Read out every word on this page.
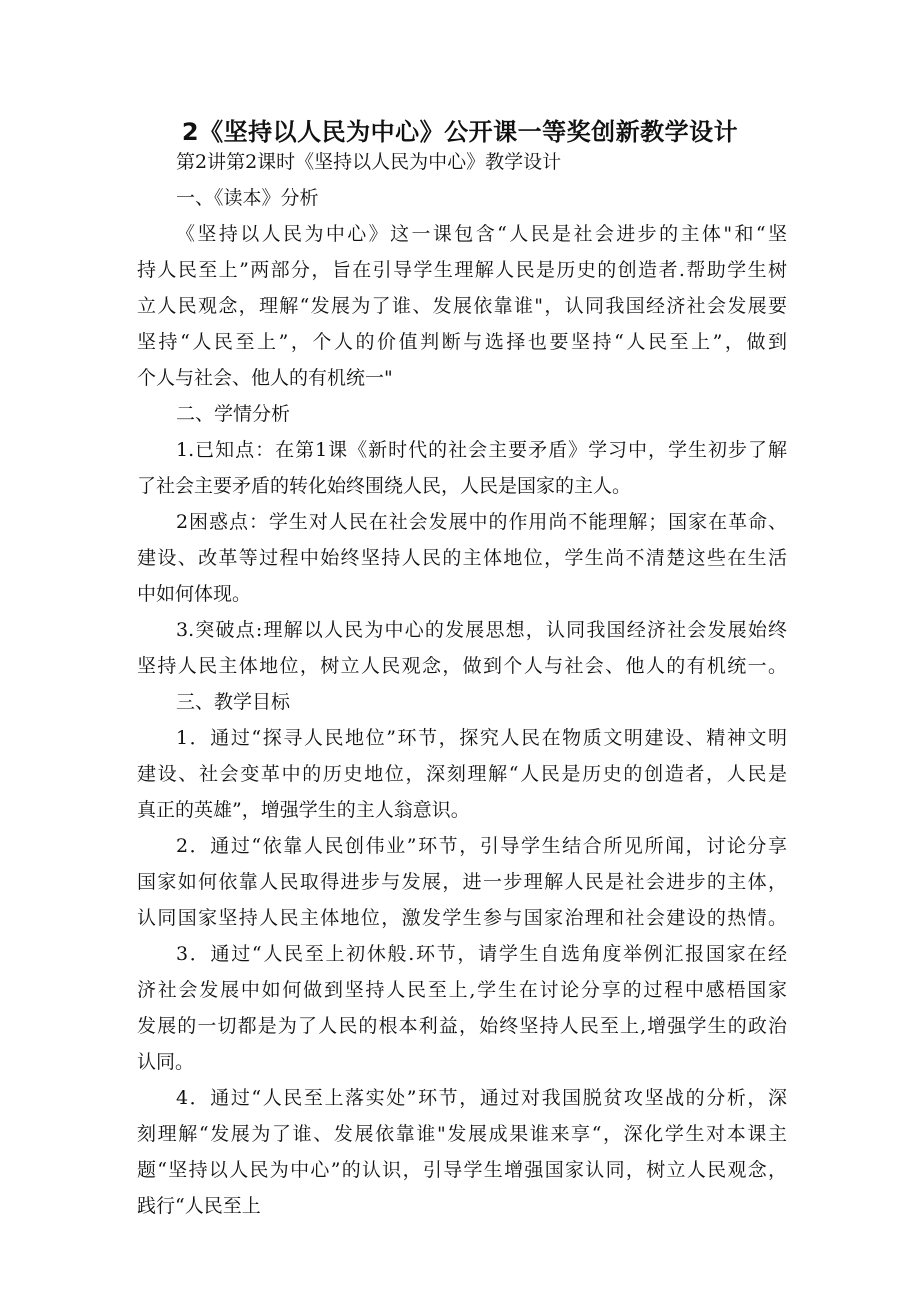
2《坚持以人民为中心》公开课一等奖创新教学设计
第2讲第2课时《坚持以人民为中心》教学设计
一、《读本》分析
《坚持以人民为中心》这一课包含“人民是社会进步的主体"和“坚
持人民至上”两部分，旨在引导学生理解人民是历史的创造者.帮助学生树
立人民观念，理解“发展为了谁、发展依靠谁"，认同我国经济社会发展要
坚持“人民至上”，个人的价值判断与选择也要坚持“人民至上”，做到
个人与社会、他人的有机统一"
二、学情分析
1.已知点：在第1课《新时代的社会主要矛盾》学习中，学生初步了解
了社会主要矛盾的转化始终围绕人民，人民是国家的主人。
2困惑点：学生对人民在社会发展中的作用尚不能理解；国家在革命、
建设、改革等过程中始终坚持人民的主体地位，学生尚不清楚这些在生活
中如何体现。
3.突破点:理解以人民为中心的发展思想，认同我国经济社会发展始终
坚持人民主体地位，树立人民观念，做到个人与社会、他人的有机统一。
三、教学目标
1．通过“探寻人民地位”环节，探究人民在物质文明建设、精神文明
建设、社会变革中的历史地位，深刻理解“人民是历史的创造者，人民是
真正的英雄”，增强学生的主人翁意识。
2．通过“依靠人民创伟业”环节，引导学生结合所见所闻，讨论分享
国家如何依靠人民取得进步与发展，进一步理解人民是社会进步的主体，
认同国家坚持人民主体地位，激发学生参与国家治理和社会建设的热情。
3．通过“人民至上初休般.环节，请学生自选角度举例汇报国家在经
济社会发展中如何做到坚持人民至上,学生在讨论分享的过程中感梧国家
发展的一切都是为了人民的根本利益，始终坚持人民至上,增强学生的政治
认同。
4．通过“人民至上落实处”环节，通过对我国脱贫攻坚战的分析，深
刻理解“发展为了谁、发展依靠谁"发展成果谁来享“，深化学生对本课主
题“坚持以人民为中心”的认识，引导学生增强国家认同，树立人民观念，
践行“人民至上
